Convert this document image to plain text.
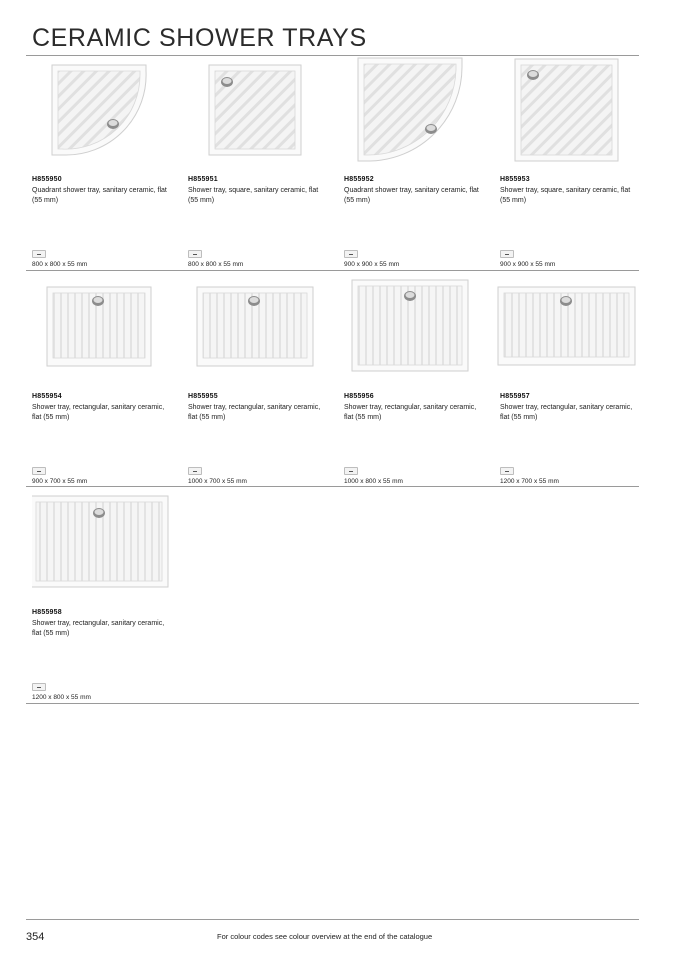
CERAMIC SHOWER TRAYS
H855950
Quadrant shower tray, sanitary ceramic, flat (55 mm)
800 x 800 x 55 mm
H855951
Shower tray, square, sanitary ceramic, flat (55 mm)
800 x 800 x 55 mm
H855952
Quadrant shower tray, sanitary ceramic, flat (55 mm)
900 x 900 x 55 mm
H855953
Shower tray, square, sanitary ceramic, flat (55 mm)
900 x 900 x 55 mm
H855954
Shower tray, rectangular, sanitary ceramic, flat (55 mm)
900 x 700 x 55 mm
H855955
Shower tray, rectangular, sanitary ceramic, flat (55 mm)
1000 x 700 x 55 mm
H855956
Shower tray, rectangular, sanitary ceramic, flat (55 mm)
1000 x 800 x 55 mm
H855957
Shower tray, rectangular, sanitary ceramic, flat (55 mm)
1200 x 700 x 55 mm
H855958
Shower tray, rectangular, sanitary ceramic, flat (55 mm)
1200 x 800 x 55 mm
354	For colour codes see colour overview at the end of the catalogue
